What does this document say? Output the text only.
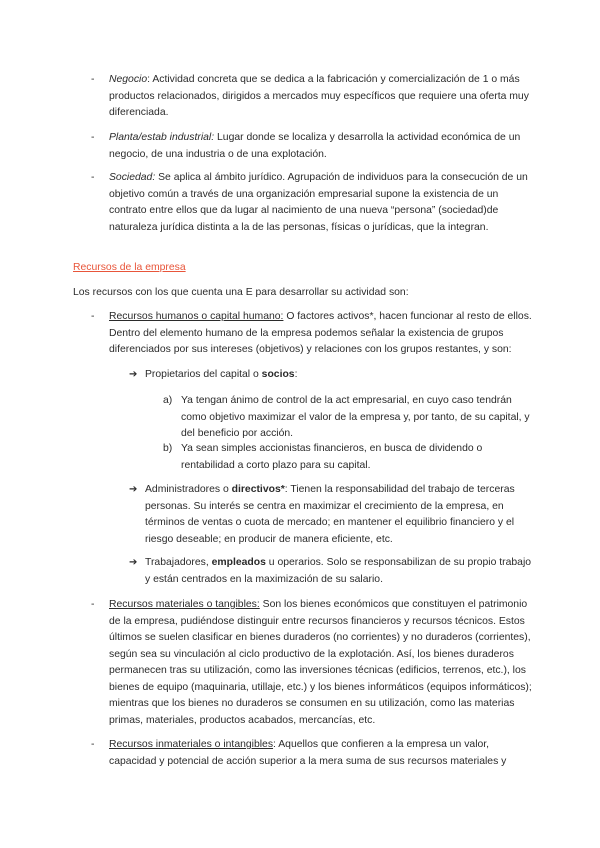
-	Negocio: Actividad concreta que se dedica a la fabricación y comercialización de 1 o más productos relacionados, dirigidos a mercados muy específicos que requiere una oferta muy diferenciada.
-	Planta/estab industrial: Lugar donde se localiza y desarrolla la actividad económica de un negocio, de una industria o de una explotación.
-	Sociedad: Se aplica al ámbito jurídico. Agrupación de individuos para la consecución de un objetivo común a través de una organización empresarial supone la existencia de un contrato entre ellos que da lugar al nacimiento de una nueva “persona” (sociedad)de naturaleza jurídica distinta a la de las personas, físicas o jurídicas, que la integran.
Recursos de la empresa
Los recursos con los que cuenta una E para desarrollar su actividad son:
-	Recursos humanos o capital humano: O factores activos*, hacen funcionar al resto de ellos. Dentro del elemento humano de la empresa podemos señalar la existencia de grupos diferenciados por sus intereses (objetivos) y relaciones con los grupos restantes, y son:
➔ Propietarios del capital o socios:
a) Ya tengan ánimo de control de la act empresarial, en cuyo caso tendrán como objetivo maximizar el valor de la empresa y, por tanto, de su capital, y del beneficio por acción.
b) Ya sean simples accionistas financieros, en busca de dividendo o rentabilidad a corto plazo para su capital.
➔ Administradores o directivos*: Tienen la responsabilidad del trabajo de terceras personas. Su interés se centra en maximizar el crecimiento de la empresa, en términos de ventas o cuota de mercado; en mantener el equilibrio financiero y el riesgo deseable; en producir de manera eficiente, etc.
➔ Trabajadores, empleados u operarios. Solo se responsabilizan de su propio trabajo y están centrados en la maximización de su salario.
-	Recursos materiales o tangibles: Son los bienes económicos que constituyen el patrimonio de la empresa, pudiéndose distinguir entre recursos financieros y recursos técnicos. Estos últimos se suelen clasificar en bienes duraderos (no corrientes) y no duraderos (corrientes), según sea su vinculación al ciclo productivo de la explotación. Así, los bienes duraderos permanecen tras su utilización, como las inversiones técnicas (edificios, terrenos, etc.), los bienes de equipo (maquinaria, utillaje, etc.) y los bienes informáticos (equipos informáticos); mientras que los bienes no duraderos se consumen en su utilización, como las materias primas, materiales, productos acabados, mercancías, etc.
-	Recursos inmateriales o intangibles: Aquellos que confieren a la empresa un valor, capacidad y potencial de acción superior a la mera suma de sus recursos materiales y
